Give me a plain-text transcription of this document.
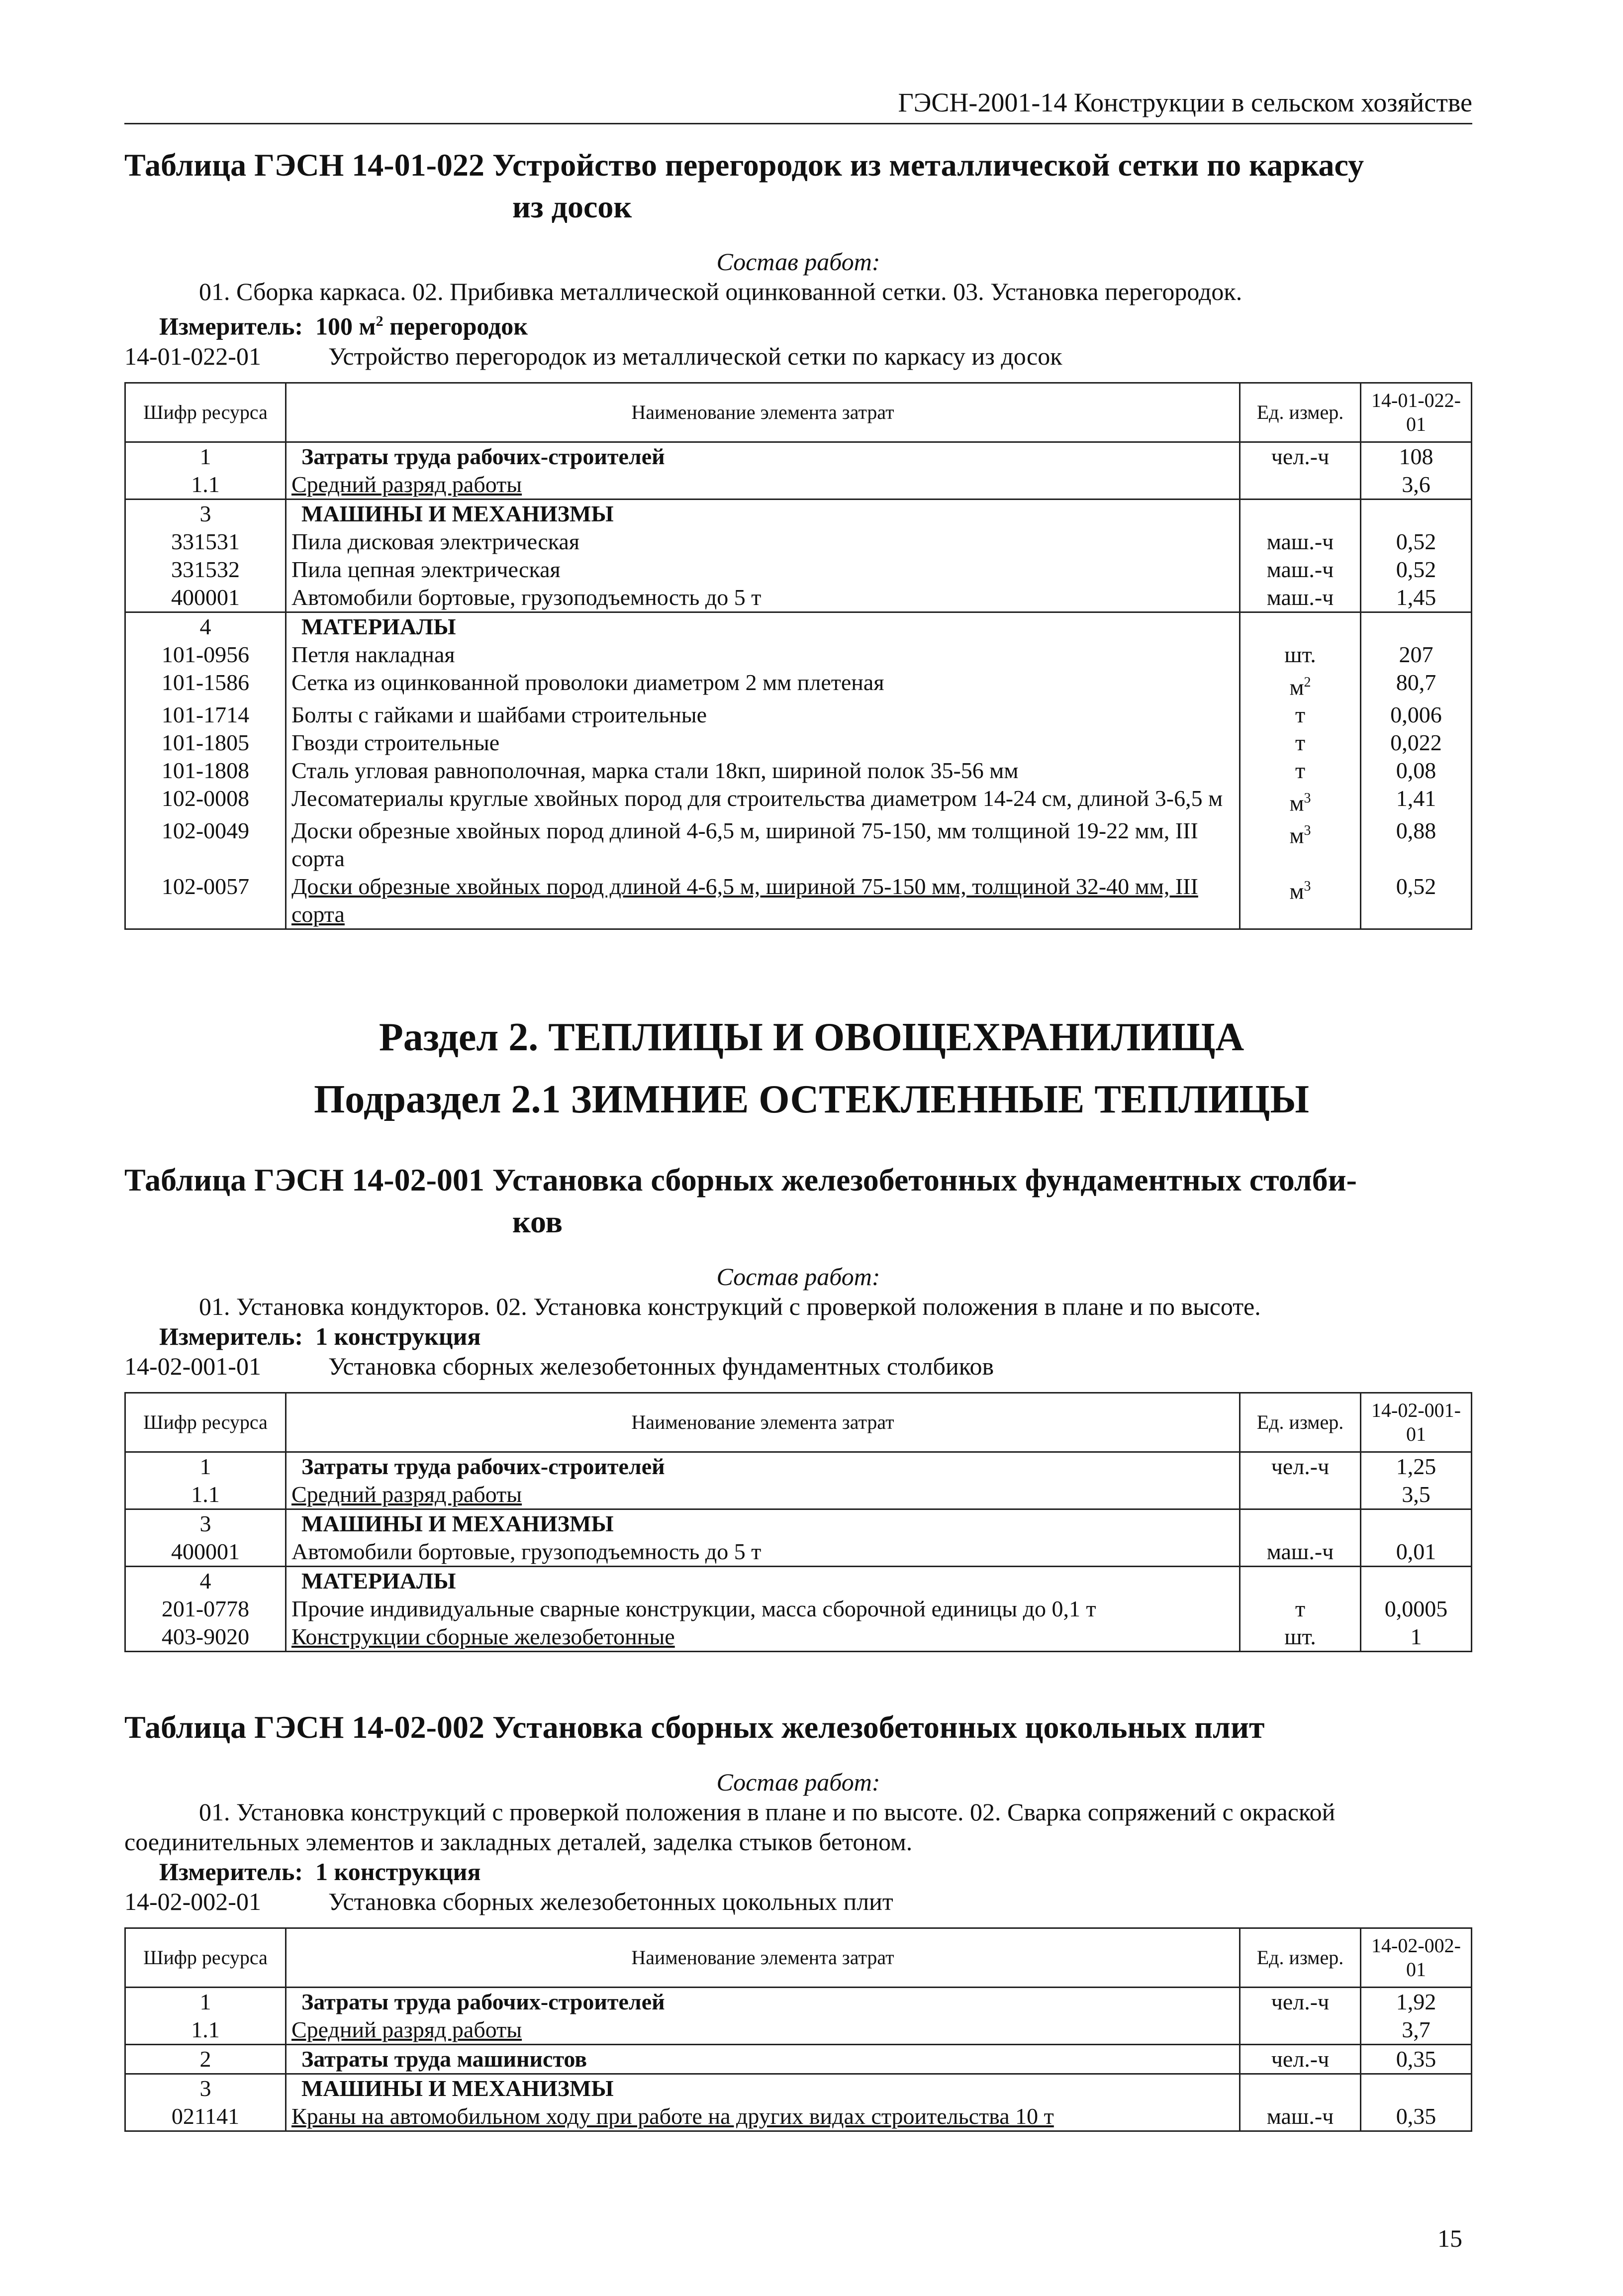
ГЭСН-2001-14 Конструкции в сельском хозяйстве

Таблица ГЭСН 14-01-022 Устройство перегородок из металлической сетки по каркасу
из досок

Состав работ:

01. Сборка каркаса. 02. Прибивка металлической оцинкованной сетки. 03. Установка перегородок.

Измеритель: 100 $м^2$ перегородок
14-01-022-01	Устройство перегородок из металлической сетки по каркасу из досок
Шифр ресурса	Наименование элемента затрат	Ед. измер.	14-01-022-01
1	Затраты труда рабочих-строителей	чел.-ч	108
1.1	Средний разряд работы		3,6
3	МАШИНЫ И МЕХАНИЗМЫ		
331531	Пила дисковая электрическая	маш.-ч	0,52
331532	Пила цепная электрическая	маш.-ч	0,52
400001	Автомобили бортовые, грузоподъемность до 5 т	маш.-ч	1,45
4	МАТЕРИАЛЫ		
101-0956	Петля накладная	шт.	207
101-1586	Сетка из оцинкованной проволоки диаметром 2 мм плетеная	$м^2$	80,7
101-1714	Болты с гайками и шайбами строительные	т	0,006
101-1805	Гвозди строительные	т	0,022
101-1808	Сталь угловая равнополочная, марка стали 18кп, шириной полок 35-56 мм	т	0,08
102-0008	Лесоматериалы круглые хвойных пород для строительства диаметром 14-24 см, длиной 3-6,5 м	$м^3$	1,41
102-0049	Доски обрезные хвойных пород длиной 4-6,5 м, шириной 75-150, мм толщиной 19-22 мм, III сорта	$м^3$	0,88
102-0057	Доски обрезные хвойных пород длиной 4-6,5 м, шириной 75-150 мм, толщиной 32-40 мм, III сорта	$м^3$	0,52
Раздел 2. ТЕПЛИЦЫ И ОВОЩЕХРАНИЛИЩА
Подраздел 2.1 ЗИМНИЕ ОСТЕКЛЕННЫЕ ТЕПЛИЦЫ

Таблица ГЭСН 14-02-001 Установка сборных железобетонных фундаментных столби-
ков

Состав работ:

01. Установка кондукторов. 02. Установка конструкций с проверкой положения в плане и по высоте.

Измеритель: 1 конструкция
14-02-001-01	Установка сборных железобетонных фундаментных столбиков
Шифр ресурса	Наименование элемента затрат	Ед. измер.	14-02-001-01
1	Затраты труда рабочих-строителей	чел.-ч	1,25
1.1	Средний разряд работы		3,5
3	МАШИНЫ И МЕХАНИЗМЫ		
400001	Автомобили бортовые, грузоподъемность до 5 т	маш.-ч	0,01
4	МАТЕРИАЛЫ		
201-0778	Прочие индивидуальные сварные конструкции, масса сборочной единицы до 0,1 т	т	0,0005
403-9020	Конструкции сборные железобетонные	шт.	1

Таблица ГЭСН 14-02-002 Установка сборных железобетонных цокольных плит

Состав работ:

01. Установка конструкций с проверкой положения в плане и по высоте. 02. Сварка сопряжений с окраской соединительных элементов и закладных деталей, заделка стыков бетоном.

Измеритель: 1 конструкция
14-02-002-01	Установка сборных железобетонных цокольных плит
Шифр ресурса	Наименование элемента затрат	Ед. измер.	14-02-002-01
1	Затраты труда рабочих-строителей	чел.-ч	1,92
1.1	Средний разряд работы		3,7
2	Затраты труда машинистов	чел.-ч	0,35
3	МАШИНЫ И МЕХАНИЗМЫ		
021141	Краны на автомобильном ходу при работе на других видах строительства 10 т	маш.-ч	0,35
15
